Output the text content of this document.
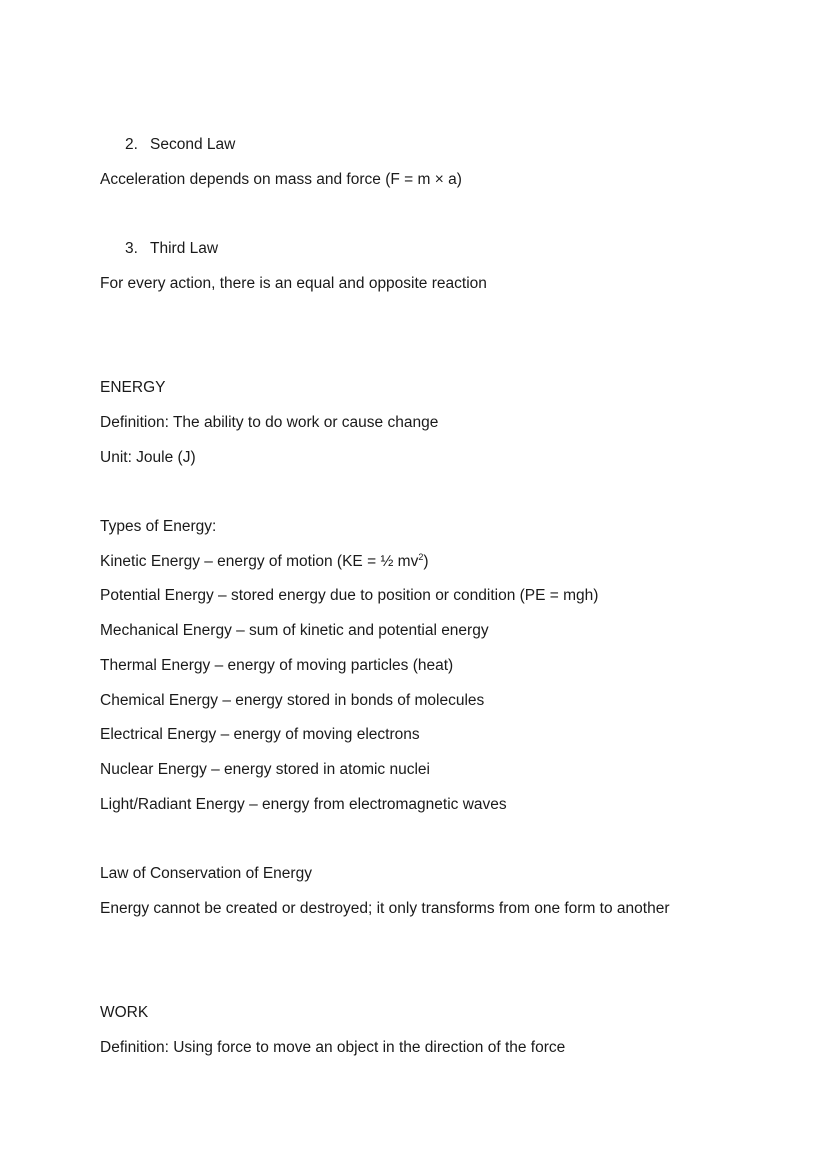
2. Second Law
Acceleration depends on mass and force (F = m × a)
3. Third Law
For every action, there is an equal and opposite reaction
ENERGY
Definition: The ability to do work or cause change
Unit: Joule (J)
Types of Energy:
Kinetic Energy – energy of motion (KE = ½ $mv^2$)
Potential Energy – stored energy due to position or condition (PE = mgh)
Mechanical Energy – sum of kinetic and potential energy
Thermal Energy – energy of moving particles (heat)
Chemical Energy – energy stored in bonds of molecules
Electrical Energy – energy of moving electrons
Nuclear Energy – energy stored in atomic nuclei
Light/Radiant Energy – energy from electromagnetic waves
Law of Conservation of Energy
Energy cannot be created or destroyed; it only transforms from one form to another
WORK
Definition: Using force to move an object in the direction of the force
